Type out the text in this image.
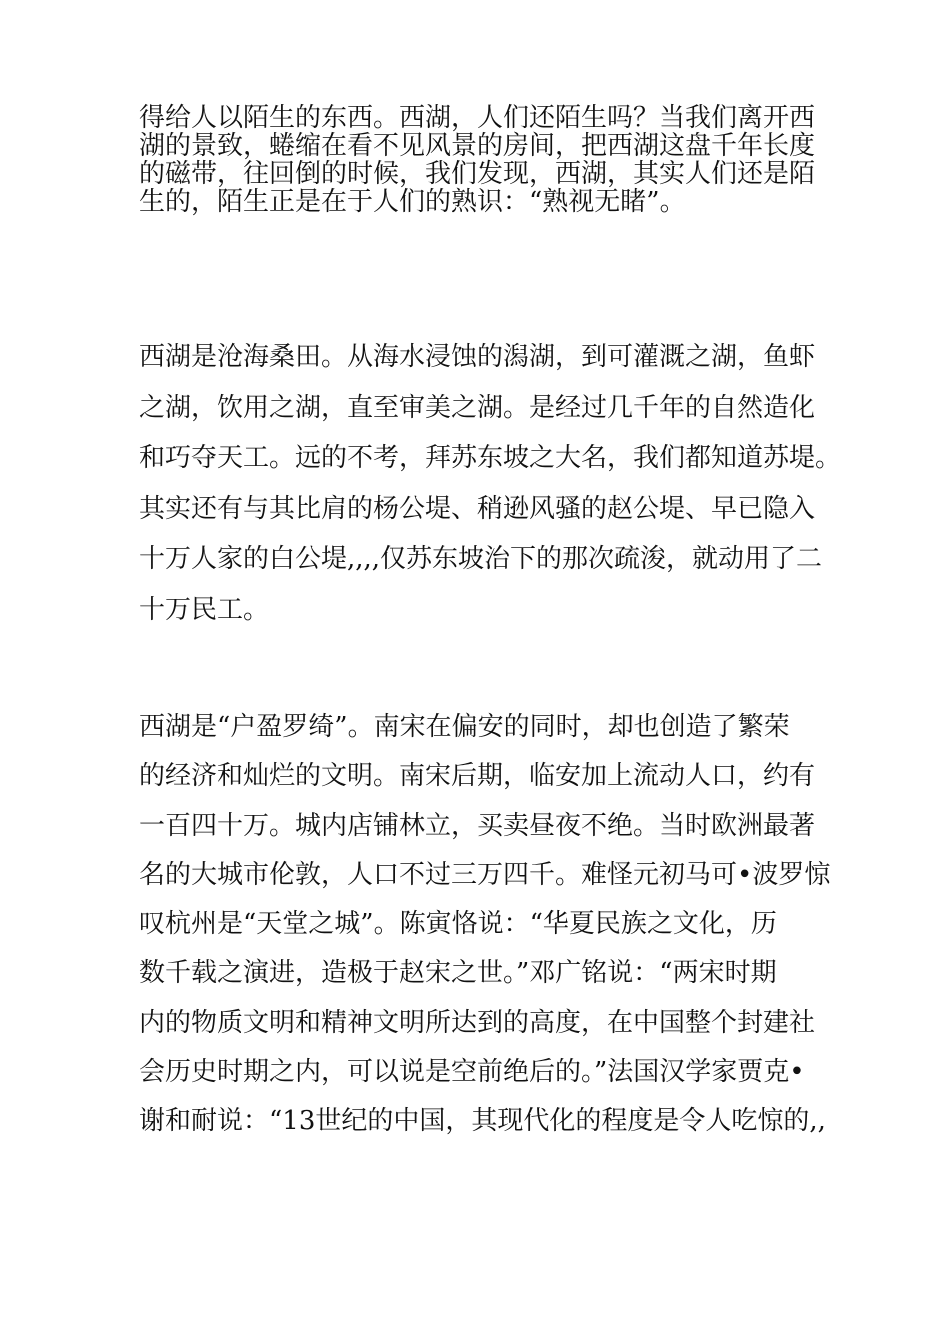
得给人以陌生的东西。西湖，人们还陌生吗？当我们离开西
湖的景致，蜷缩在看不见风景的房间，把西湖这盘千年长度
的磁带，往回倒的时候，我们发现，西湖，其实人们还是陌
生的，陌生正是在于人们的熟识：“熟视无睹”。

西湖是沧海桑田。从海水浸蚀的潟湖，到可灌溉之湖，鱼虾
之湖，饮用之湖，直至审美之湖。是经过几千年的自然造化
和巧夺天工。远的不考，拜苏东坡之大名，我们都知道苏堤。
其实还有与其比肩的杨公堤、稍逊风骚的赵公堤、早已隐入
十万人家的白公堤,,,,仅苏东坡治下的那次疏浚，就动用了二
十万民工。

西湖是“户盈罗绮”。南宋在偏安的同时，却也创造了繁荣
的经济和灿烂的文明。南宋后期，临安加上流动人口，约有
一百四十万。城内店铺林立，买卖昼夜不绝。当时欧洲最著
名的大城市伦敦，人口不过三万四千。难怪元初马可•波罗惊
叹杭州是“天堂之城”。陈寅恪说：“华夏民族之文化，历
数千载之演进，造极于赵宋之世。”邓广铭说：“两宋时期
内的物质文明和精神文明所达到的高度，在中国整个封建社
会历史时期之内，可以说是空前绝后的。”法国汉学家贾克•
谢和耐说：“13世纪的中国，其现代化的程度是令人吃惊的,,
